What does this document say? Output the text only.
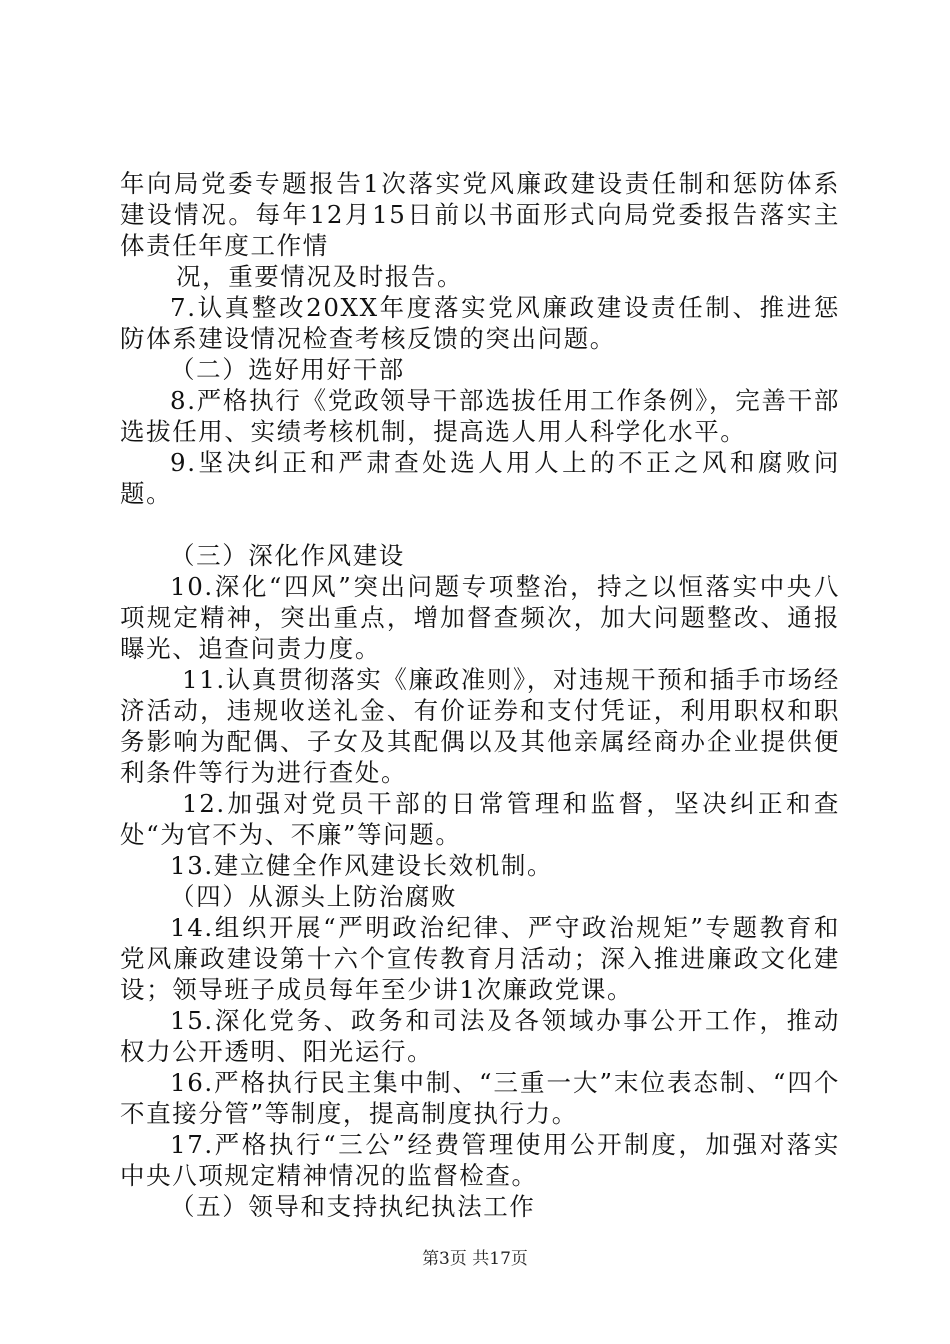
年向局党委专题报告1次落实党风廉政建设责任制和惩防体系建设情况。每年12月15日前以书面形式向局党委报告落实主体责任年度工作情

况，重要情况及时报告。

7.认真整改20XX年度落实党风廉政建设责任制、推进惩防体系建设情况检查考核反馈的突出问题。

（二）选好用好干部

8.严格执行《党政领导干部选拔任用工作条例》，完善干部选拔任用、实绩考核机制，提高选人用人科学化水平。

9.坚决纠正和严肃查处选人用人上的不正之风和腐败问题。

（三）深化作风建设

10.深化“四风”突出问题专项整治，持之以恒落实中央八项规定精神，突出重点，增加督查频次，加大问题整改、通报曝光、追查问责力度。

11.认真贯彻落实《廉政准则》，对违规干预和插手市场经济活动，违规收送礼金、有价证券和支付凭证，利用职权和职务影响为配偶、子女及其配偶以及其他亲属经商办企业提供便利条件等行为进行查处。

12.加强对党员干部的日常管理和监督，坚决纠正和查处“为官不为、不廉”等问题。

13.建立健全作风建设长效机制。

（四）从源头上防治腐败

14.组织开展“严明政治纪律、严守政治规矩”专题教育和党风廉政建设第十六个宣传教育月活动；深入推进廉政文化建设；领导班子成员每年至少讲1次廉政党课。

15.深化党务、政务和司法及各领域办事公开工作，推动权力公开透明、阳光运行。

16.严格执行民主集中制、“三重一大”末位表态制、“四个不直接分管”等制度，提高制度执行力。

17.严格执行“三公”经费管理使用公开制度，加强对落实中央八项规定精神情况的监督检查。

（五）领导和支持执纪执法工作

第3页 共17页
